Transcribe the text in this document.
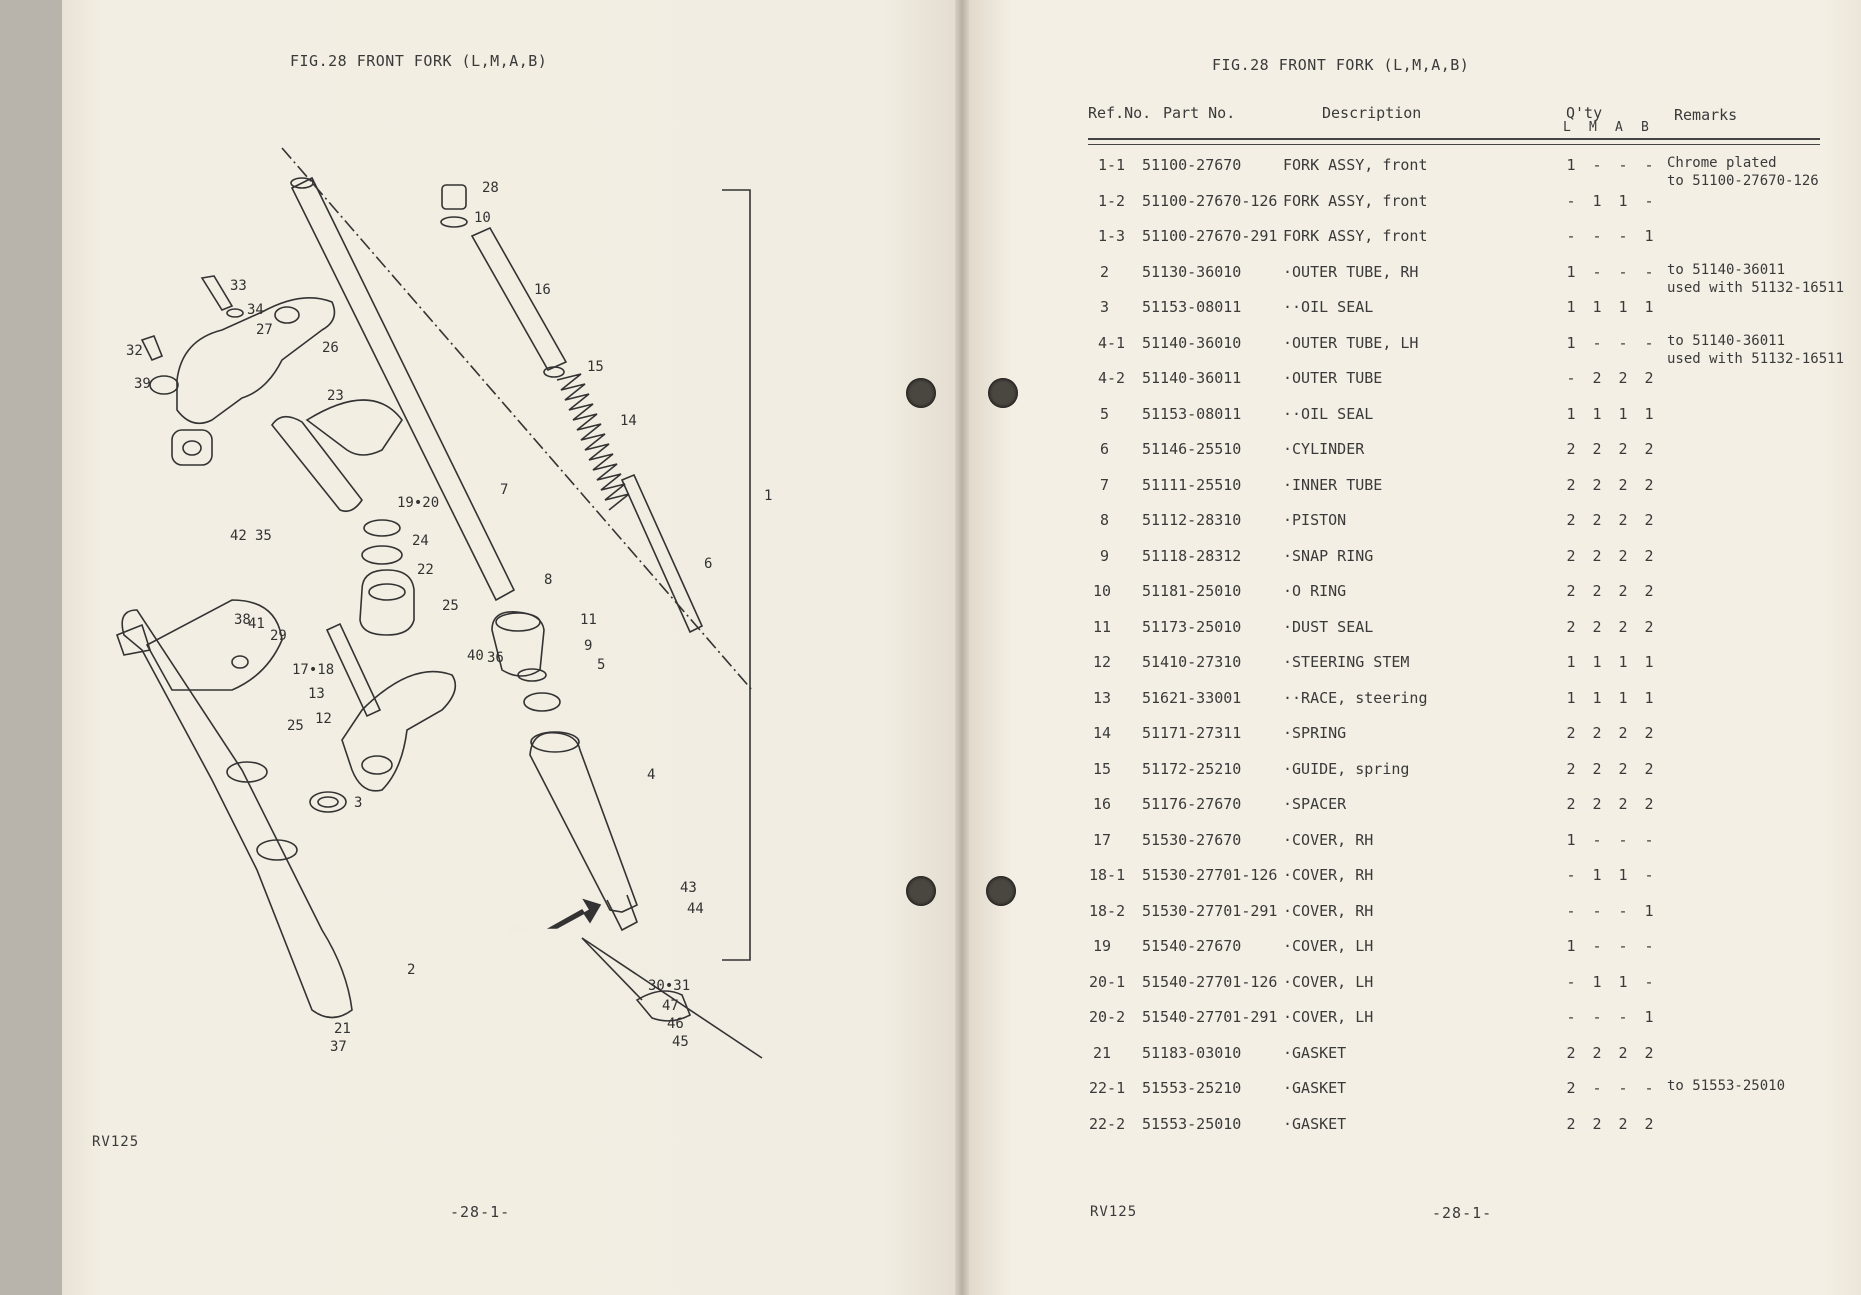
FIG.28 FRONT FORK (L,M,A,B)
RV125
-28-1-
28
10
16
33
34
27
26
32
39
23
15
14
7	1
19•20
42 35	24
22
8
6
25
11
38
41
29
9
40 36	5
17•18
13
12
25
4
3
43
44
FWD
2
30•31
47
46
45
21
37
FIG.28 FRONT FORK (L,M,A,B)
Ref.No. Part No.	Description	Q'ty
L M A B
Remarks
1-1 51100-27670	FORK ASSY, front	1	-	-	- Chrome plated
to 51100-27670-126
1-2 51100-27670-126 FORK ASSY, front	-	1	1	-
1-3 51100-27670-291 FORK ASSY, front	-	-	-	1
2 51130-36010	·OUTER TUBE, RH	1	-	-	- to 51140-36011
used with 51132-16511
3 51153-08011	··OIL SEAL	1	1	1	1
4-1 51140-36010	·OUTER TUBE, LH	1	-	-	- to 51140-36011
used with 51132-16511
4-2 51140-36011	·OUTER TUBE	-	2	2	2
5 51153-08011	··OIL SEAL	1	1	1	1
6 51146-25510	·CYLINDER	2	2	2	2
7 51111-25510	·INNER TUBE	2	2	2	2
8 51112-28310	·PISTON	2	2	2	2
9 51118-28312	·SNAP RING	2	2	2	2
10 51181-25010	·O RING	2	2	2	2
11 51173-25010	·DUST SEAL	2	2	2	2
12 51410-27310	·STEERING STEM	1	1	1	1
13 51621-33001	··RACE, steering	1	1	1	1
14 51171-27311	·SPRING	2	2	2	2
15 51172-25210	·GUIDE, spring	2	2	2	2
16 51176-27670	·SPACER	2	2	2	2
17 51530-27670	·COVER, RH	1	-	-	-
18-1 51530-27701-126 ·COVER, RH	-	1	1	-
18-2 51530-27701-291 ·COVER, RH	-	-	-	1
19 51540-27670	·COVER, LH	1	-	-	-
20-1 51540-27701-126 ·COVER, LH	-	1	1	-
20-2 51540-27701-291 ·COVER, LH	-	-	-	1
21 51183-03010	·GASKET	2	2	2	2
22-1 51553-25210	·GASKET	2	-	-	- to 51553-25010
22-2 51553-25010	·GASKET	2	2	2	2
RV125	-28-1-
